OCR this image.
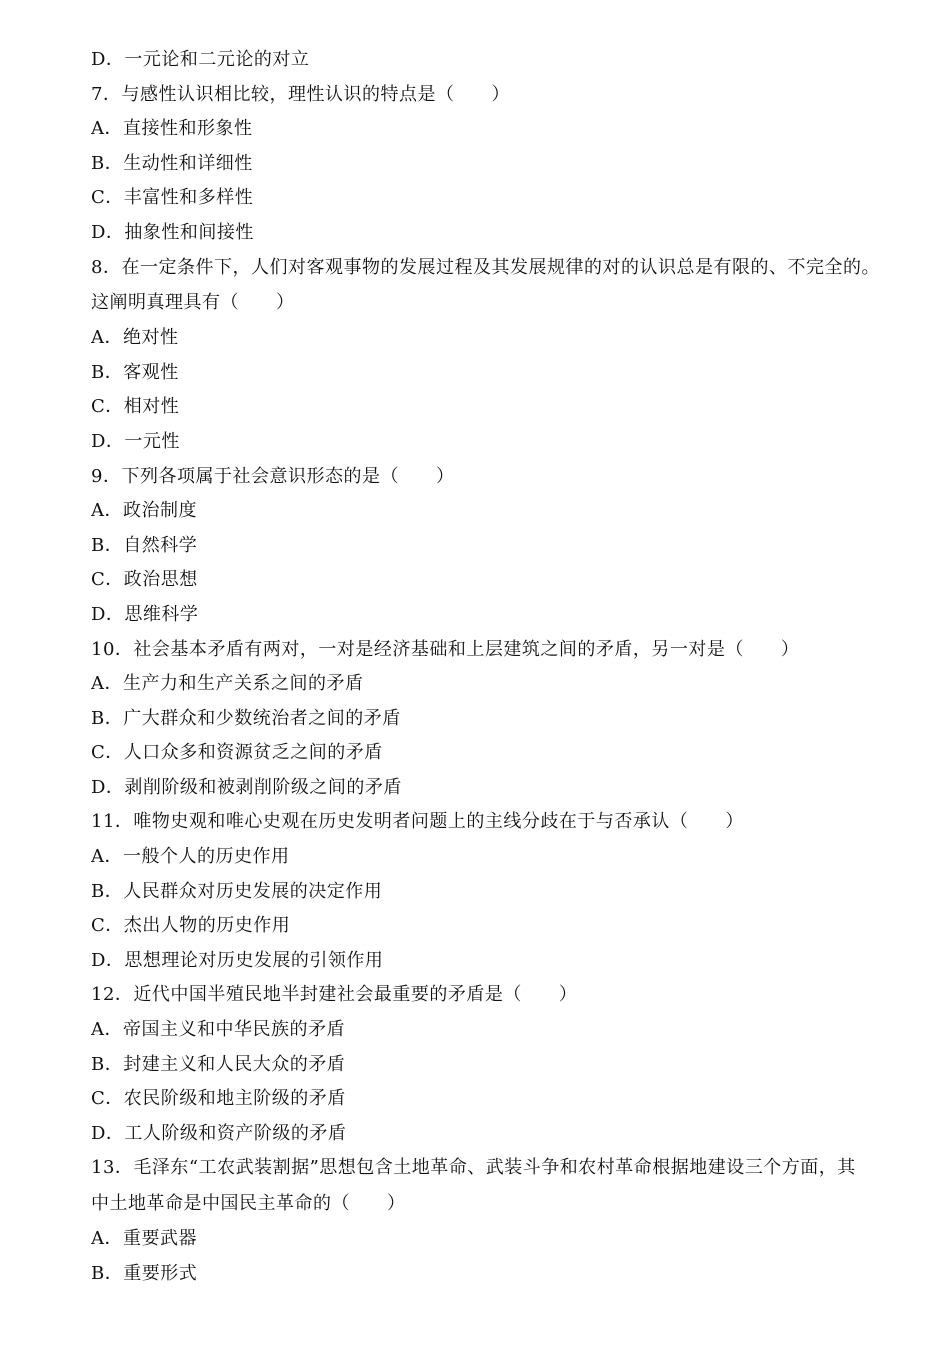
D．一元论和二元论的对立
7．与感性认识相比较，理性认识的特点是（　　）
A．直接性和形象性
B．生动性和详细性
C．丰富性和多样性
D．抽象性和间接性
8．在一定条件下，人们对客观事物的发展过程及其发展规律的对的认识总是有限的、不完全的。
这阐明真理具有（　　）
A．绝对性
B．客观性
C．相对性
D．一元性
9．下列各项属于社会意识形态的是（　　）
A．政治制度
B．自然科学
C．政治思想
D．思维科学
10．社会基本矛盾有两对，一对是经济基础和上层建筑之间的矛盾，另一对是（　　）
A．生产力和生产关系之间的矛盾
B．广大群众和少数统治者之间的矛盾
C．人口众多和资源贫乏之间的矛盾
D．剥削阶级和被剥削阶级之间的矛盾
11．唯物史观和唯心史观在历史发明者问题上的主线分歧在于与否承认（　　）
A．一般个人的历史作用
B．人民群众对历史发展的决定作用
C．杰出人物的历史作用
D．思想理论对历史发展的引领作用
12．近代中国半殖民地半封建社会最重要的矛盾是（　　）
A．帝国主义和中华民族的矛盾
B．封建主义和人民大众的矛盾
C．农民阶级和地主阶级的矛盾
D．工人阶级和资产阶级的矛盾
13．毛泽东“工农武装割据”思想包含土地革命、武装斗争和农村革命根据地建设三个方面，其
中土地革命是中国民主革命的（　　）
A．重要武器
B．重要形式
